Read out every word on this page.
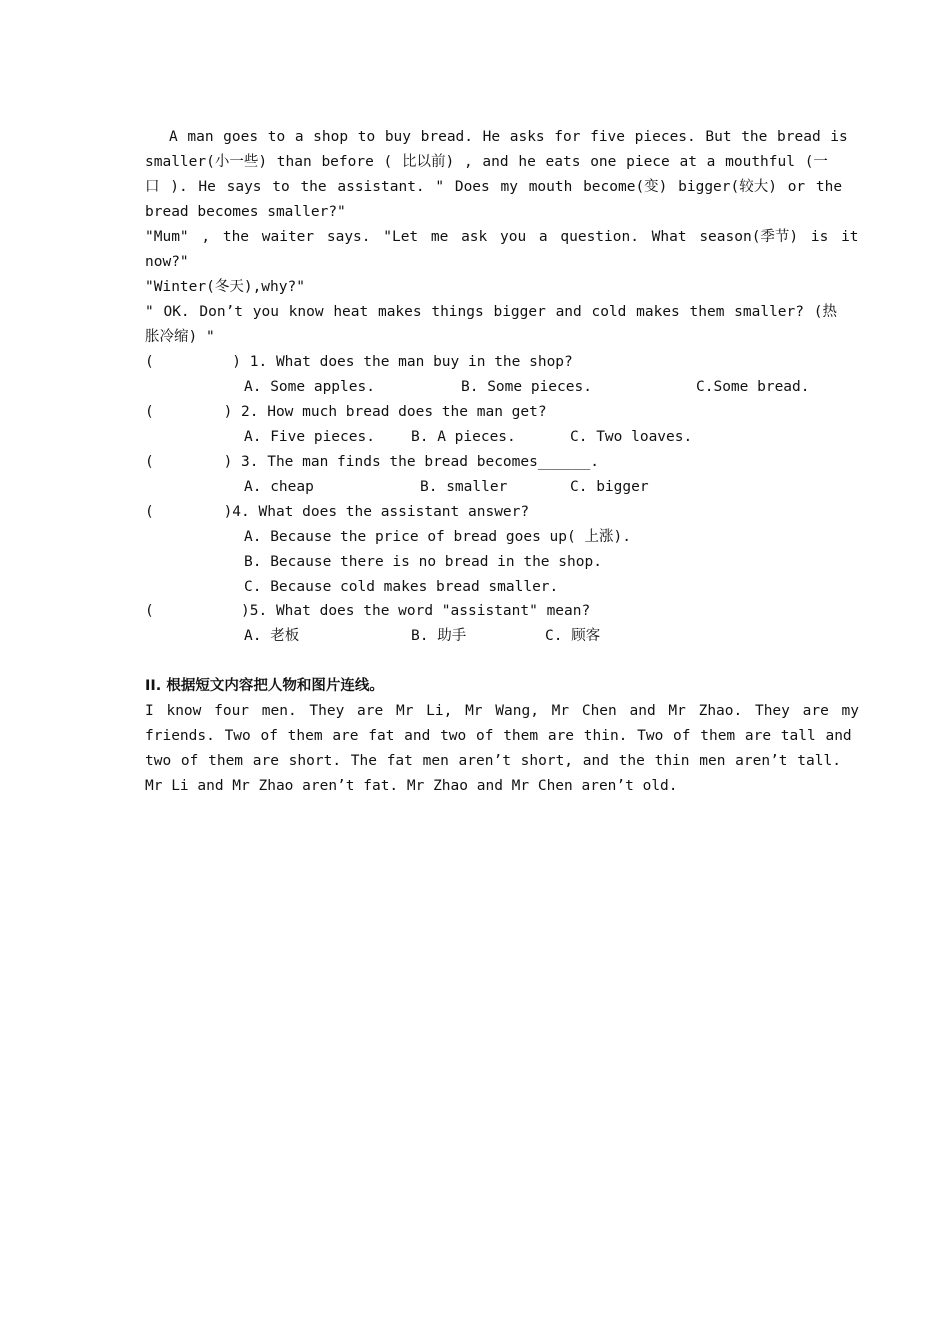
A man goes to a shop to buy bread. He asks for five pieces. But the bread is
smaller(小一些) than before ( 比以前) , and he eats one piece at a mouthful (一
口 ). He says to the assistant. " Does my mouth become(变) bigger(较大) or the
bread becomes smaller?"
"Mum" , the waiter says. "Let me ask you a question. What season(季节) is it
now?"
"Winter(冬天),why?"
" OK. Don’t you know heat makes things bigger and cold makes them smaller? (热
胀冷缩) "
(         ) 1. What does the man buy in the shop?
A. Some apples.	B. Some pieces.	C.Some bread.
(        ) 2. How much bread does the man get?
A. Five pieces. B. A pieces.	C. Two loaves.
(        ) 3. The man finds the bread becomes______.
A. cheap	B. smaller	C. bigger
(        )4. What does the assistant answer?
A. Because the price of bread goes up( 上涨).
B. Because there is no bread in the shop.
C. Because cold makes bread smaller.
(          )5. What does the word "assistant" mean?
A. 老板	B. 助手	C. 顾客
ⅠⅠ. 根据短文内容把人物和图片连线。
I know four men. They are Mr Li, Mr Wang, Mr Chen and Mr Zhao. They are my
friends. Two of them are fat and two of them are thin. Two of them are tall and
two of them are short. The fat men aren’t short, and the thin men aren’t tall.
Mr Li and Mr Zhao aren’t fat. Mr Zhao and Mr Chen aren’t old.
